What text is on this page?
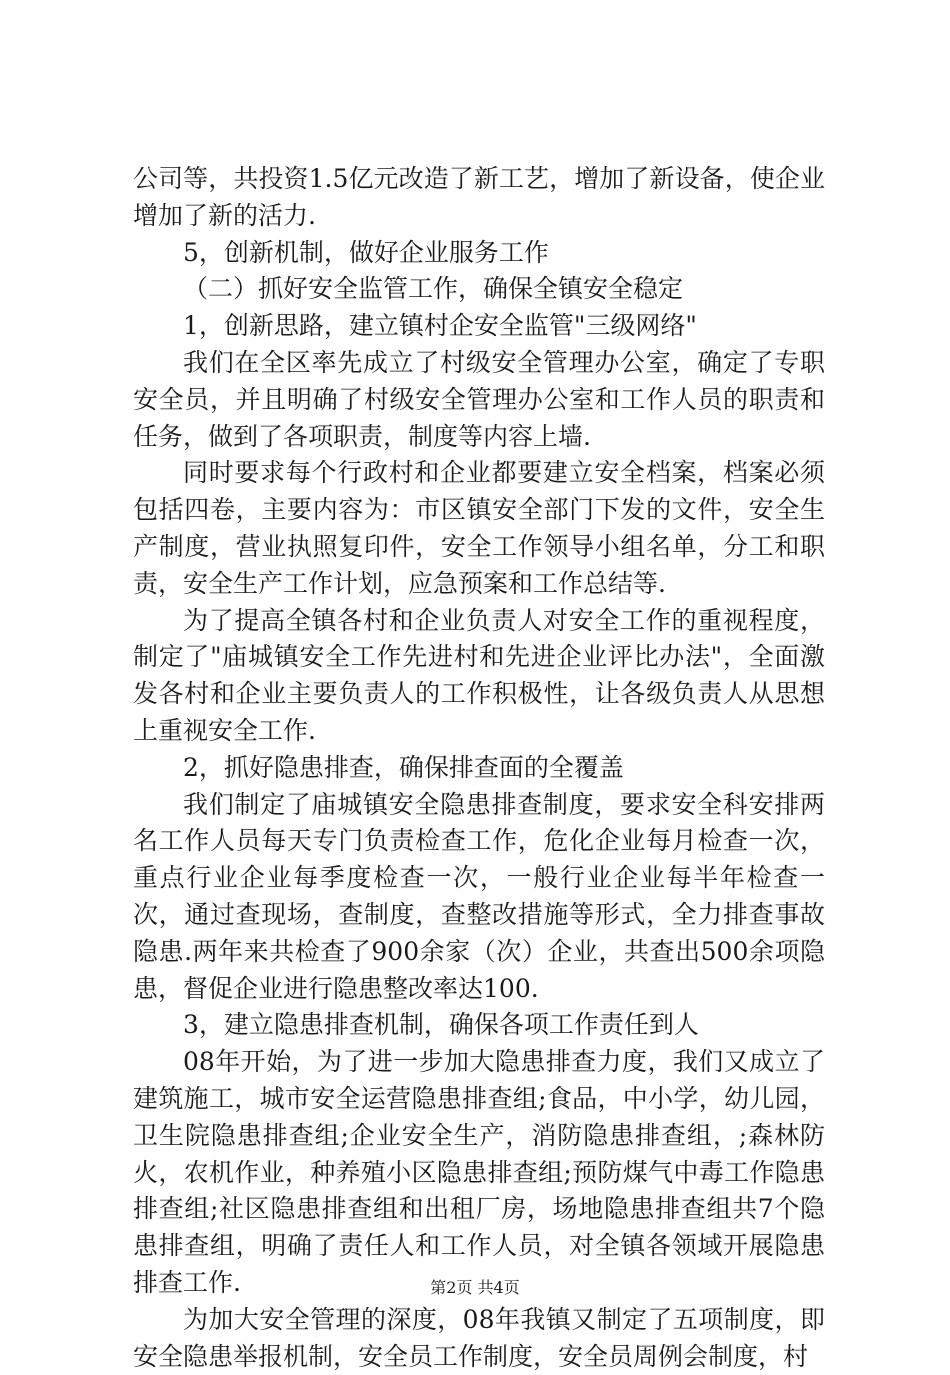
公司等，共投资1.5亿元改造了新工艺，增加了新设备，使企业增加了新的活力.

5，创新机制，做好企业服务工作

（二）抓好安全监管工作，确保全镇安全稳定

1，创新思路，建立镇村企安全监管"三级网络"

我们在全区率先成立了村级安全管理办公室，确定了专职安全员，并且明确了村级安全管理办公室和工作人员的职责和任务，做到了各项职责，制度等内容上墙.

同时要求每个行政村和企业都要建立安全档案，档案必须包括四卷，主要内容为：市区镇安全部门下发的文件，安全生产制度，营业执照复印件，安全工作领导小组名单，分工和职责，安全生产工作计划，应急预案和工作总结等.

为了提高全镇各村和企业负责人对安全工作的重视程度，制定了"庙城镇安全工作先进村和先进企业评比办法"，全面激发各村和企业主要负责人的工作积极性，让各级负责人从思想上重视安全工作.

2，抓好隐患排查，确保排查面的全覆盖

我们制定了庙城镇安全隐患排查制度，要求安全科安排两名工作人员每天专门负责检查工作，危化企业每月检查一次，重点行业企业每季度检查一次，一般行业企业每半年检查一次，通过查现场，查制度，查整改措施等形式，全力排查事故隐患.两年来共检查了900余家（次）企业，共查出500余项隐患，督促企业进行隐患整改率达100.

3，建立隐患排查机制，确保各项工作责任到人

08年开始，为了进一步加大隐患排查力度，我们又成立了建筑施工，城市安全运营隐患排查组;食品，中小学，幼儿园，卫生院隐患排查组;企业安全生产，消防隐患排查组，;森林防火，农机作业，种养殖小区隐患排查组;预防煤气中毒工作隐患排查组;社区隐患排查组和出租厂房，场地隐患排查组共7个隐患排查组，明确了责任人和工作人员，对全镇各领域开展隐患排查工作.

为加大安全管理的深度，08年我镇又制定了五项制度，即安全隐患举报机制，安全员工作制度，安全员周例会制度，村

第2页 共4页
